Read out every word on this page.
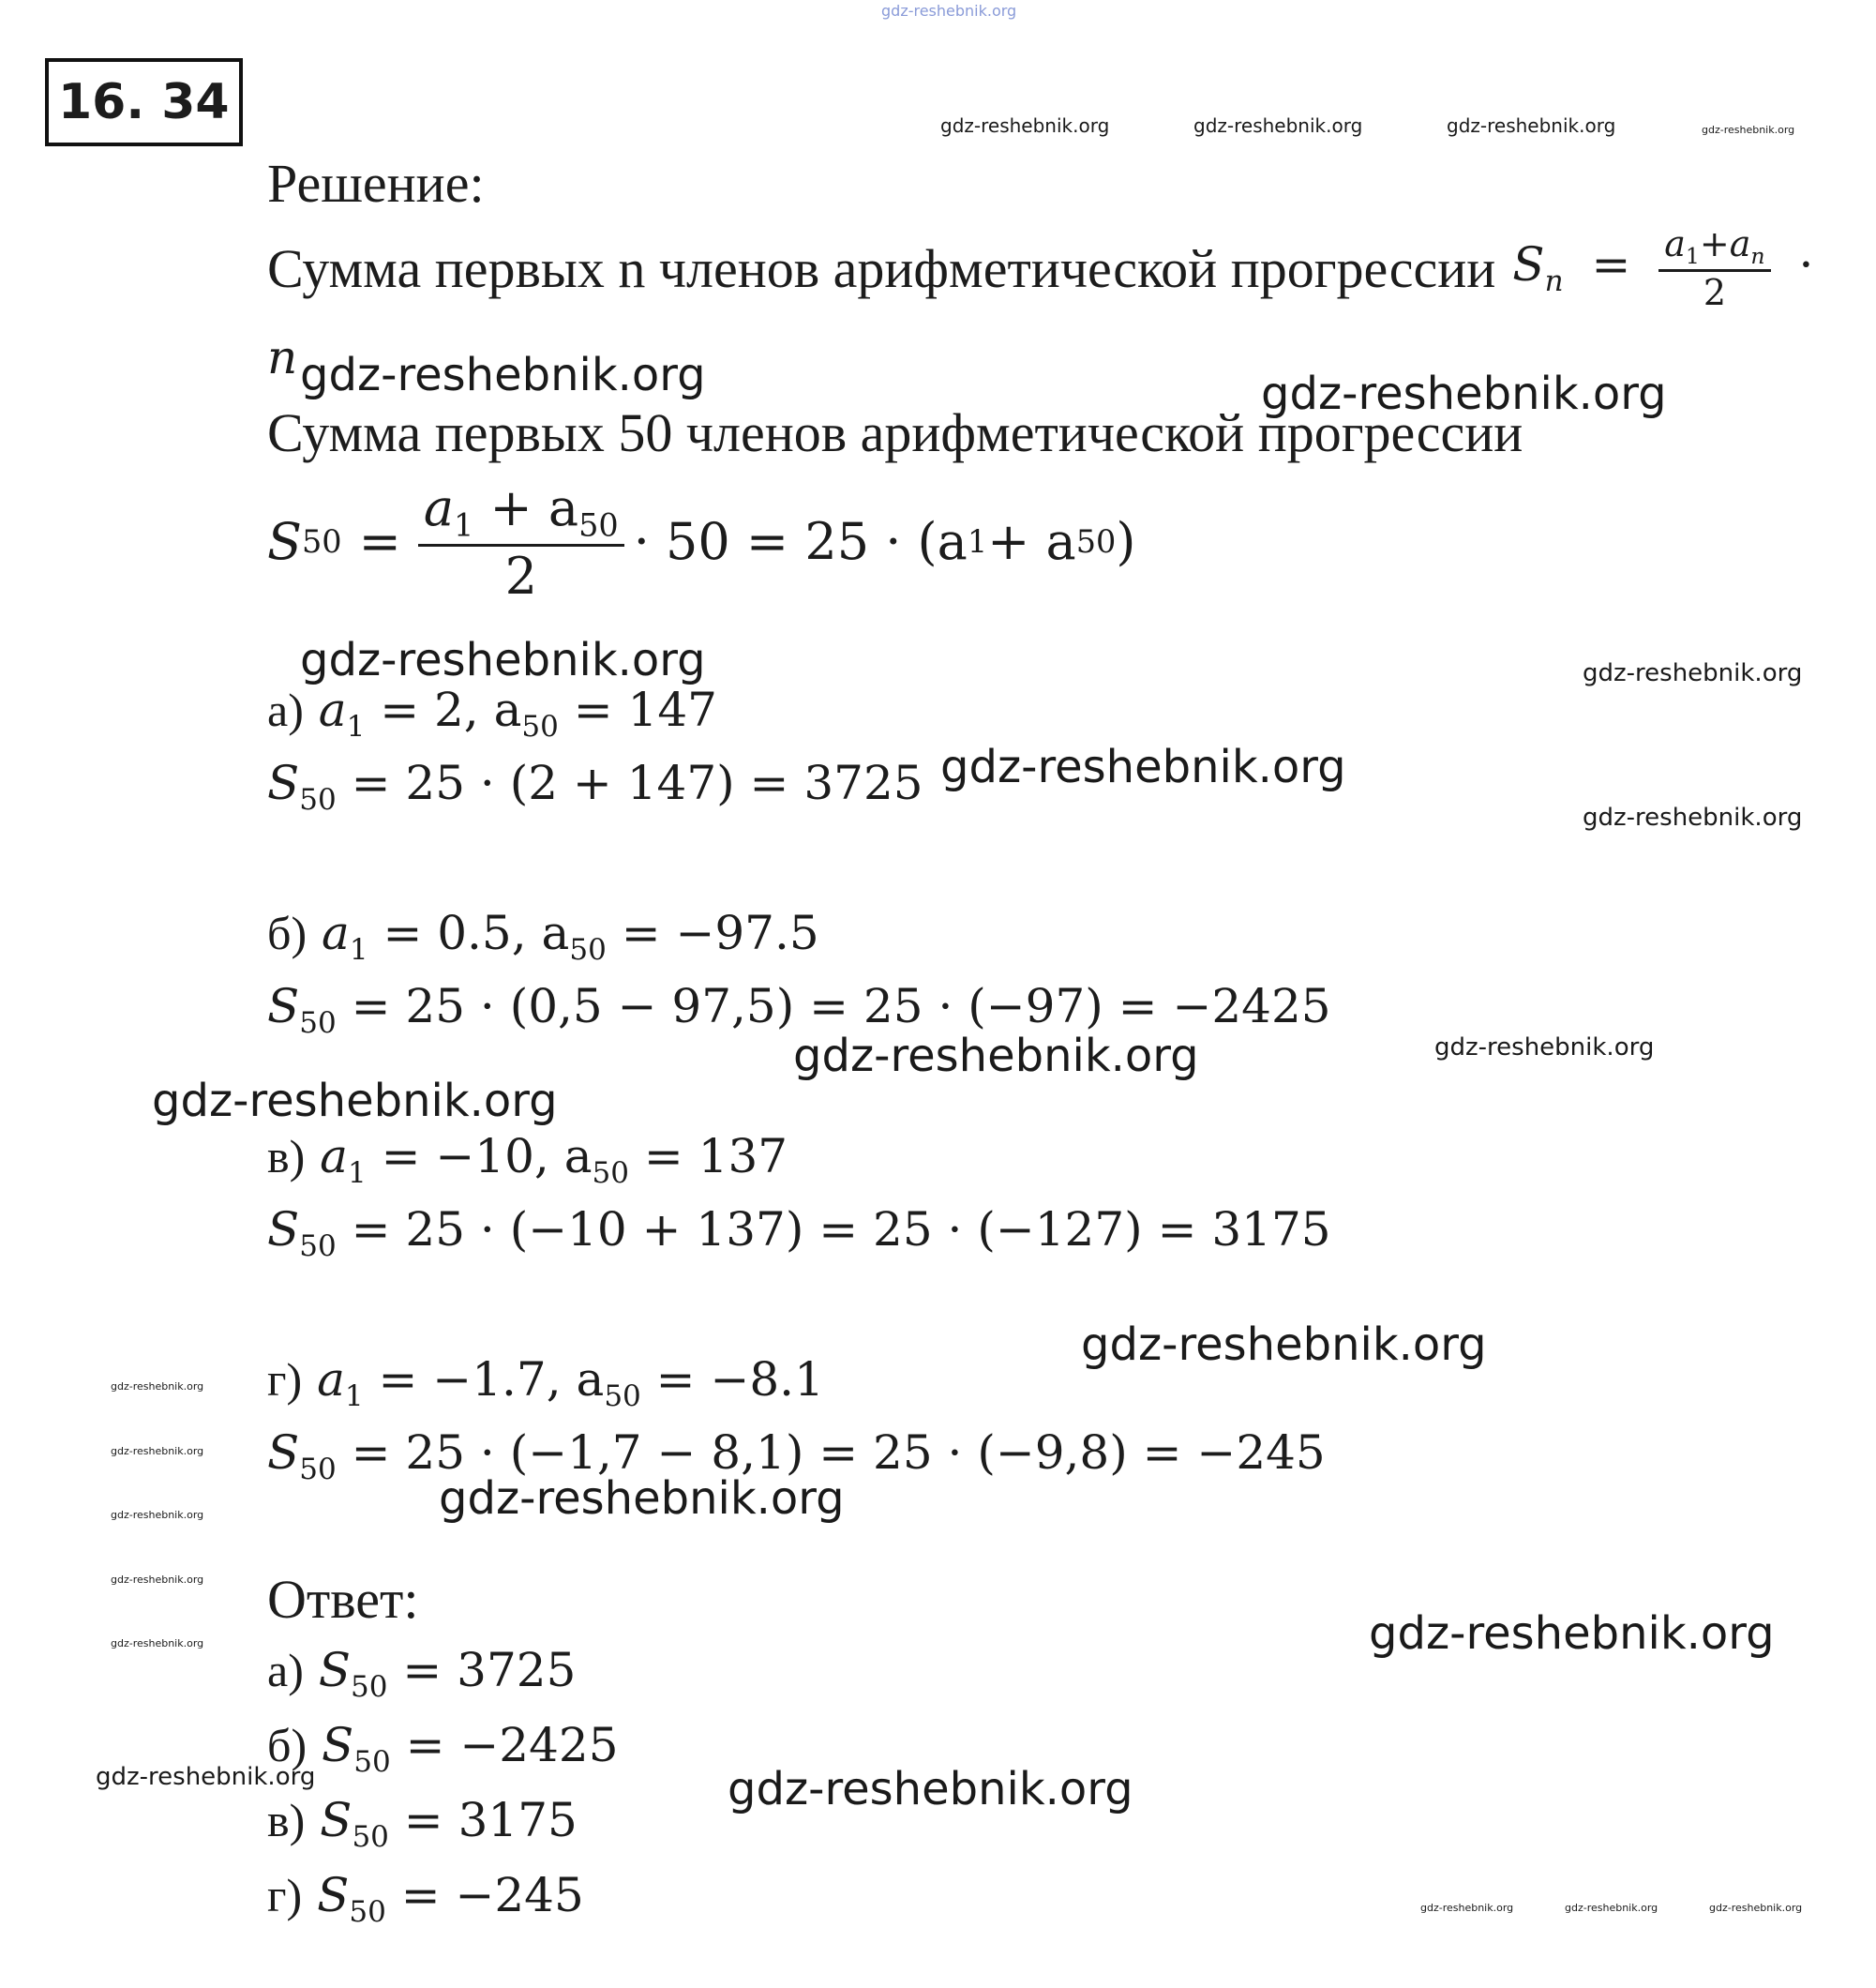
gdz-reshebnik.org
16. 34	gdz-reshebnik.org	gdz-reshebnik.org	gdz-reshebnik.org	gdz-reshebnik.org
Решение:
Сумма первых n членов арифметической прогрессии $S_n = \frac{a_1+a_n}{2}$ ·
n gdz-reshebnik.org	gdz-reshebnik.org
Сумма первых 50 членов арифметической прогрессии
S $50 = \frac{a_1 + a_{50}}{2} \cdot 50 = 25 \cdot (a$ 1 + a 50 )
gdz-reshebnik.org	gdz-reshebnik.org
а) $a_1 = 2$, $a_{50} = 147$
$S_{50} = 25 \cdot (2 + 147) = 3725$ gdz-reshebnik.org
gdz-reshebnik.org
б) $a_1 = 0.5$, $a_{50} = -97.5$
$S_{50} = 25 \cdot (0,5 - 97,5) = 25 \cdot (-97) = -2425$
gdz-reshebnik.org	gdz-reshebnik.org
gdz-reshebnik.org
в) $a_1 = -10$, $a_{50} = 137$
$S_{50} = 25 \cdot (-10 + 137) = 25 \cdot (-127) = 3175$
gdz-reshebnik.org
г) $a_1 = -1.7$, $a_{50} = -8.1$
$S_{50} = 25 \cdot (-1,7 - 8,1) = 25 \cdot (-9,8) = -245$
gdz-reshebnik.org
gdz-reshebnik.org
gdz-reshebnik.org
gdz-reshebnik.org
gdz-reshebnik.org
gdz-reshebnik.org
Ответ:
gdz-reshebnik.org
а) $S_{50} = 3725$
б) $S_{50} = -2425$
gdz-reshebnik.org	gdz-reshebnik.org
в) $S_{50} = 3175$
г) $S_{50} = -245$	gdz-reshebnik.org	gdz-reshebnik.org	gdz-reshebnik.org
